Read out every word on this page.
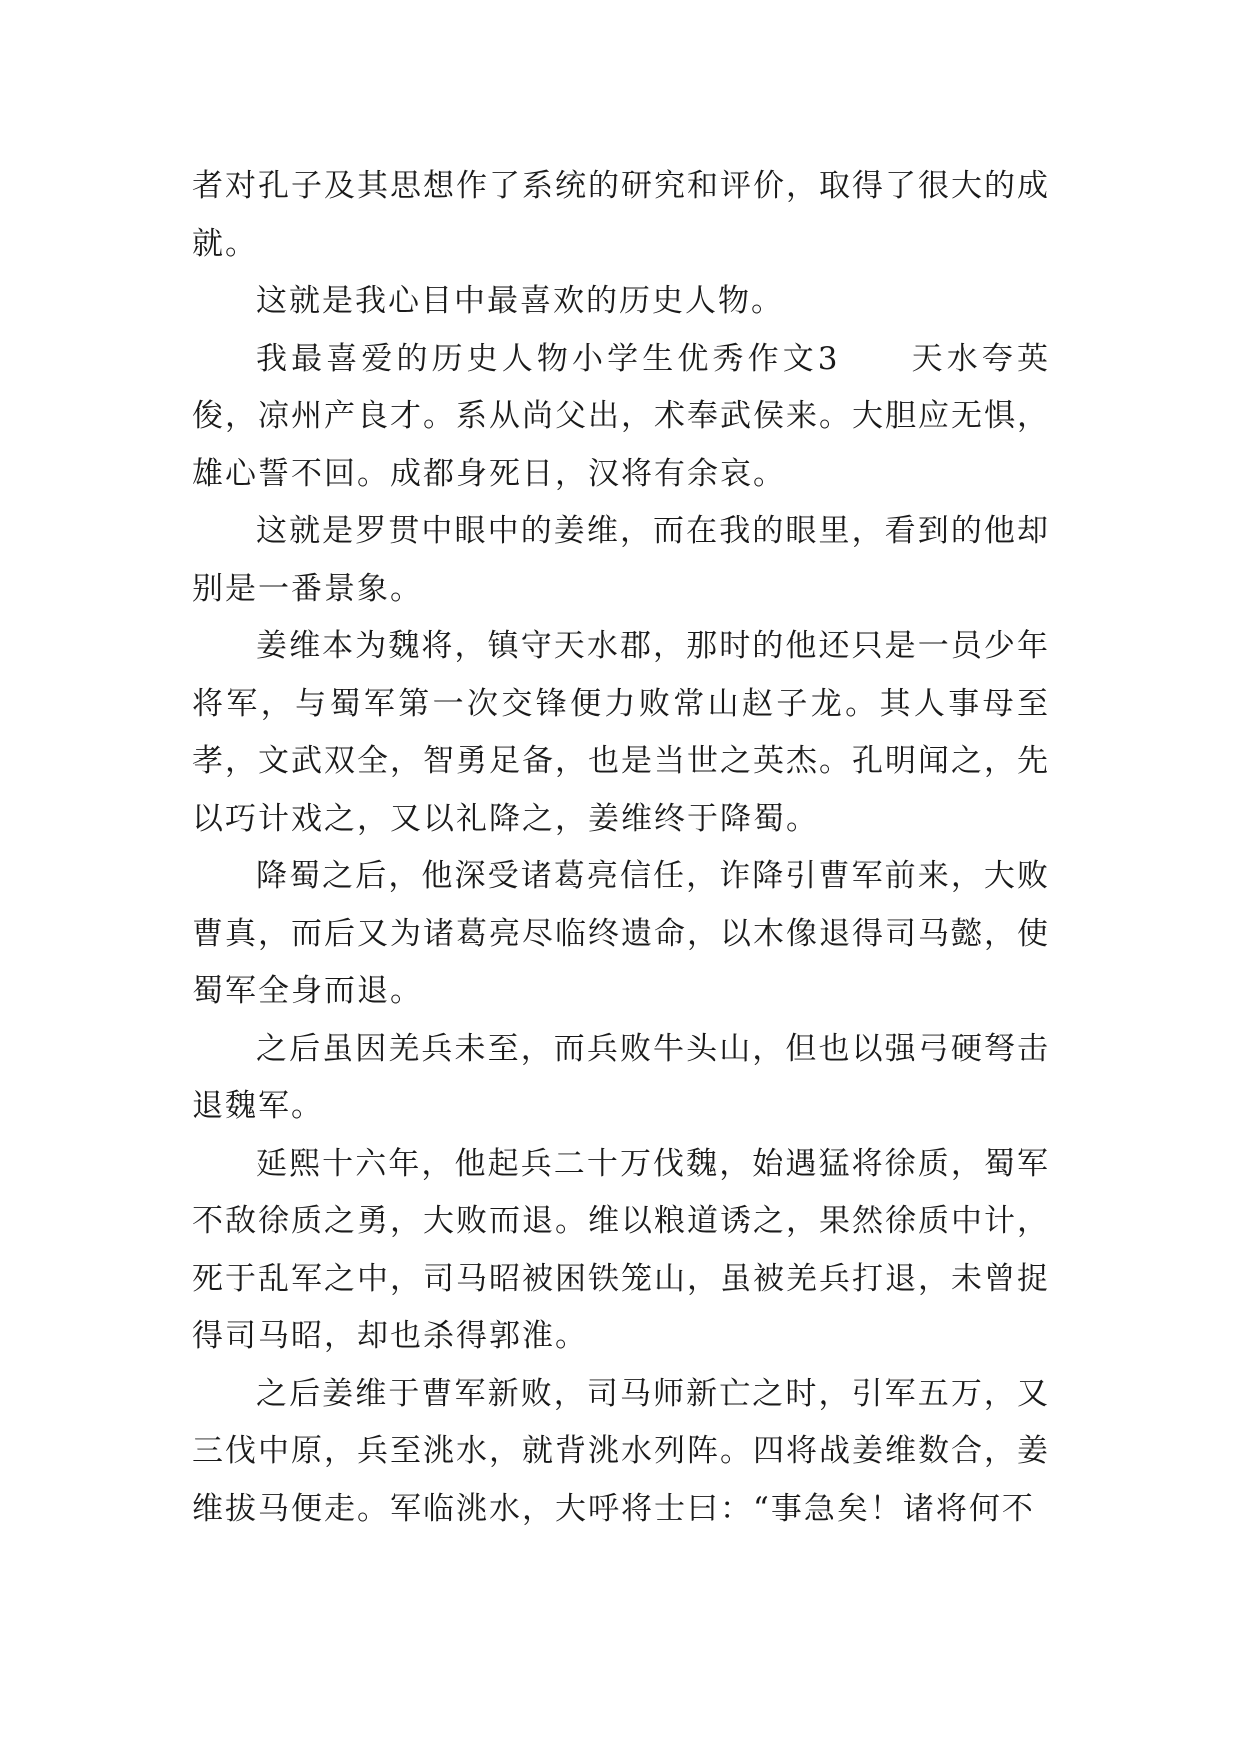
者对孔子及其思想作了系统的研究和评价，取得了很大的成就。

这就是我心目中最喜欢的历史人物。

我最喜爱的历史人物小学生优秀作文3 天水夸英俊，凉州产良才。系从尚父出，术奉武侯来。大胆应无惧，雄心誓不回。成都身死日，汉将有余哀。

这就是罗贯中眼中的姜维，而在我的眼里，看到的他却别是一番景象。

姜维本为魏将，镇守天水郡，那时的他还只是一员少年将军，与蜀军第一次交锋便力败常山赵子龙。其人事母至孝，文武双全，智勇足备，也是当世之英杰。孔明闻之，先以巧计戏之，又以礼降之，姜维终于降蜀。

降蜀之后，他深受诸葛亮信任，诈降引曹军前来，大败曹真，而后又为诸葛亮尽临终遗命，以木像退得司马懿，使蜀军全身而退。

之后虽因羌兵未至，而兵败牛头山，但也以强弓硬弩击退魏军。

延熙十六年，他起兵二十万伐魏，始遇猛将徐质，蜀军不敌徐质之勇，大败而退。维以粮道诱之，果然徐质中计，死于乱军之中，司马昭被困铁笼山，虽被羌兵打退，未曾捉得司马昭，却也杀得郭淮。

之后姜维于曹军新败，司马师新亡之时，引军五万，又三伐中原，兵至洮水，就背洮水列阵。四将战姜维数合，姜维拔马便走。军临洮水，大呼将士曰：“事急矣！诸将何不
